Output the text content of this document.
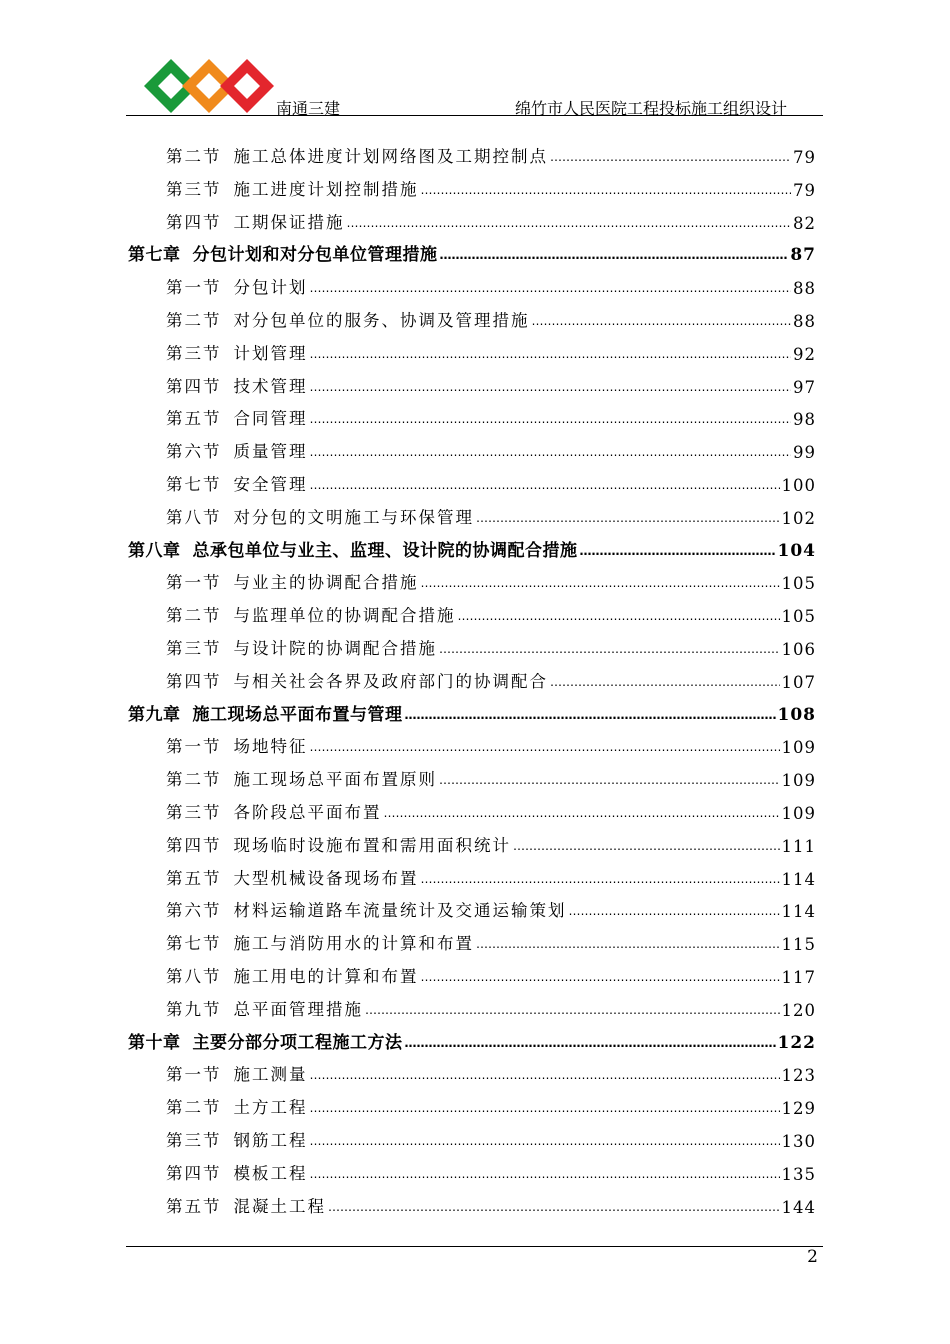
南通三建	绵竹市人民医院工程投标施工组织设计
第二节 施工总体进度计划网络图及工期控制点 ……………………………………………………………………………………………………………………………………………………………………………………………………	79
第三节 施工进度计划控制措施 ……………………………………………………………………………………………………………………………………………………………………………………………………	79
第四节 工期保证措施 ……………………………………………………………………………………………………………………………………………………………………………………………………	82
第七章 分包计划和对分包单位管理措施 ……………………………………………………………………………………………………………………………………………………………………………………………………	87
第一节 分包计划 ……………………………………………………………………………………………………………………………………………………………………………………………………	88
第二节 对分包单位的服务、协调及管理措施 ……………………………………………………………………………………………………………………………………………………………………………………………………	88
第三节 计划管理 ……………………………………………………………………………………………………………………………………………………………………………………………………	92
第四节 技术管理 ……………………………………………………………………………………………………………………………………………………………………………………………………	97
第五节 合同管理 ……………………………………………………………………………………………………………………………………………………………………………………………………	98
第六节 质量管理 ……………………………………………………………………………………………………………………………………………………………………………………………………	99
第七节 安全管理 ……………………………………………………………………………………………………………………………………………………………………………………………………	100
第八节 对分包的文明施工与环保管理 ……………………………………………………………………………………………………………………………………………………………………………………………………	102
第八章 总承包单位与业主、监理、设计院的协调配合措施 ……………………………………………………………………………………………………………………………………………………………………………………………………	104
第一节 与业主的协调配合措施 ……………………………………………………………………………………………………………………………………………………………………………………………………	105
第二节 与监理单位的协调配合措施 ……………………………………………………………………………………………………………………………………………………………………………………………………	105
第三节 与设计院的协调配合措施 ……………………………………………………………………………………………………………………………………………………………………………………………………	106
第四节 与相关社会各界及政府部门的协调配合 ……………………………………………………………………………………………………………………………………………………………………………………………………	107
第九章 施工现场总平面布置与管理 ……………………………………………………………………………………………………………………………………………………………………………………………………	108
第一节 场地特征 ……………………………………………………………………………………………………………………………………………………………………………………………………	109
第二节 施工现场总平面布置原则 ……………………………………………………………………………………………………………………………………………………………………………………………………	109
第三节 各阶段总平面布置 ……………………………………………………………………………………………………………………………………………………………………………………………………	109
第四节 现场临时设施布置和需用面积统计 ……………………………………………………………………………………………………………………………………………………………………………………………………	111
第五节 大型机械设备现场布置 ……………………………………………………………………………………………………………………………………………………………………………………………………	114
第六节 材料运输道路车流量统计及交通运输策划 ……………………………………………………………………………………………………………………………………………………………………………………………………	114
第七节 施工与消防用水的计算和布置 ……………………………………………………………………………………………………………………………………………………………………………………………………	115
第八节 施工用电的计算和布置 ……………………………………………………………………………………………………………………………………………………………………………………………………	117
第九节 总平面管理措施 ……………………………………………………………………………………………………………………………………………………………………………………………………	120
第十章 主要分部分项工程施工方法 ……………………………………………………………………………………………………………………………………………………………………………………………………	122
第一节 施工测量 ……………………………………………………………………………………………………………………………………………………………………………………………………	123
第二节 土方工程 ……………………………………………………………………………………………………………………………………………………………………………………………………	129
第三节 钢筋工程 ……………………………………………………………………………………………………………………………………………………………………………………………………	130
第四节 模板工程 ……………………………………………………………………………………………………………………………………………………………………………………………………	135
第五节 混凝土工程 ……………………………………………………………………………………………………………………………………………………………………………………………………	144
2
